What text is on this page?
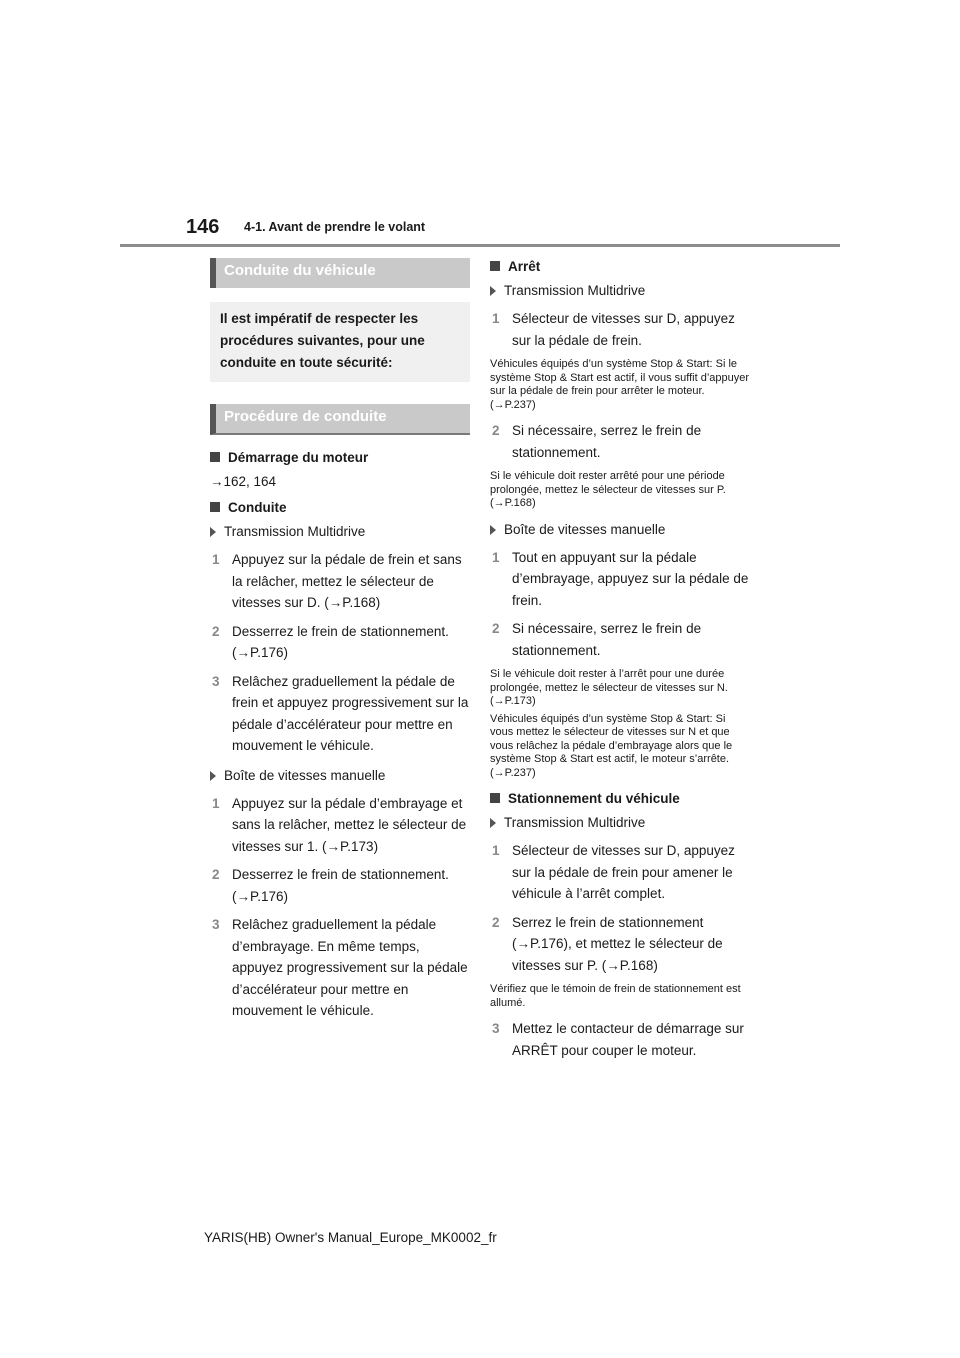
146 4-1. Avant de prendre le volant
Conduite du véhicule
Il est impératif de respecter les procédures suivantes, pour une conduite en toute sécurité:
Procédure de conduite
Démarrage du moteur
→162, 164
Conduite
Transmission Multidrive
1 Appuyez sur la pédale de frein et sans la relâcher, mettez le sélecteur de vitesses sur D. (→P.168)
2 Desserrez le frein de stationnement. (→P.176)
3 Relâchez graduellement la pédale de frein et appuyez progressivement sur la pédale d’accélérateur pour mettre en mouvement le véhicule.
Boîte de vitesses manuelle
1 Appuyez sur la pédale d’embrayage et sans la relâcher, mettez le sélecteur de vitesses sur 1. (→P.173)
2 Desserrez le frein de stationnement. (→P.176)
3 Relâchez graduellement la pédale d’embrayage. En même temps, appuyez progressivement sur la pédale d’accélérateur pour mettre en mouvement le véhicule.
Arrêt
Transmission Multidrive
1 Sélecteur de vitesses sur D, appuyez sur la pédale de frein.
Véhicules équipés d’un système Stop & Start: Si le système Stop & Start est actif, il vous suffit d’appuyer sur la pédale de frein pour arrêter le moteur. (→P.237)
2 Si nécessaire, serrez le frein de stationnement.
Si le véhicule doit rester arrêté pour une période prolongée, mettez le sélecteur de vitesses sur P. (→P.168)
Boîte de vitesses manuelle
1 Tout en appuyant sur la pédale d’embrayage, appuyez sur la pédale de frein.
2 Si nécessaire, serrez le frein de stationnement.
Si le véhicule doit rester à l’arrêt pour une durée prolongée, mettez le sélecteur de vitesses sur N. (→P.173)
Véhicules équipés d’un système Stop & Start: Si vous mettez le sélecteur de vitesses sur N et que vous relâchez la pédale d’embrayage alors que le système Stop & Start est actif, le moteur s’arrête. (→P.237)
Stationnement du véhicule
Transmission Multidrive
1 Sélecteur de vitesses sur D, appuyez sur la pédale de frein pour amener le véhicule à l’arrêt complet.
2 Serrez le frein de stationnement (→P.176), et mettez le sélecteur de vitesses sur P. (→P.168)
Vérifiez que le témoin de frein de stationnement est allumé.
3 Mettez le contacteur de démarrage sur ARRÊT pour couper le moteur.
YARIS(HB) Owner's Manual_Europe_MK0002_fr
